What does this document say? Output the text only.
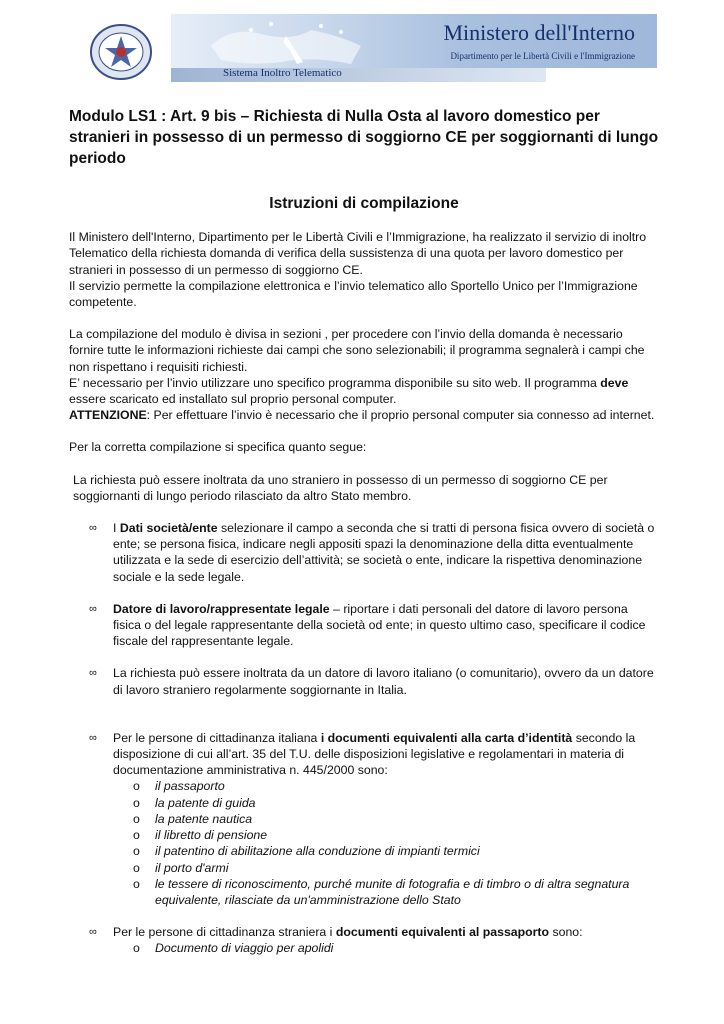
Ministero dell'Interno
Dipartimento per le Libertà Civili e l'Immigrazione
Sistema Inoltro Telematico
Modulo LS1 : Art. 9 bis – Richiesta di Nulla Osta al lavoro domestico per stranieri in possesso di un permesso di soggiorno CE per soggiornanti di lungo periodo
Istruzioni di compilazione

Il Ministero dell'Interno, Dipartimento per le Libertà Civili e l’Immigrazione, ha realizzato il servizio di inoltro Telematico della richiesta domanda di verifica della sussistenza di una quota per lavoro domestico per stranieri in possesso di un permesso di soggiorno CE.

Il servizio permette la compilazione elettronica e l’invio telematico allo Sportello Unico per l’Immigrazione competente.

La compilazione del modulo è divisa in sezioni , per procedere con l’invio della domanda è necessario fornire tutte le informazioni richieste dai campi che sono selezionabili; il programma segnalerà i campi che non rispettano i requisiti richiesti.

E’ necessario per l’invio utilizzare uno specifico programma disponibile su sito web. Il programma deve essere scaricato ed installato sul proprio personal computer.

ATTENZIONE: Per effettuare l’invio è necessario che il proprio personal computer sia connesso ad internet.

Per la corretta compilazione si specifica quanto segue:

La richiesta può essere inoltrata da uno straniero in possesso di un permesso di soggiorno CE per soggiornanti di lungo periodo rilasciato da altro Stato membro.

∞ I Dati società/ente selezionare il campo a seconda che si tratti di persona fisica ovvero di società o ente; se persona fisica, indicare negli appositi spazi la denominazione della ditta eventualmente utilizzata e la sede di esercizio dell’attività; se società o ente, indicare la rispettiva denominazione sociale e la sede legale.
∞ Datore di lavoro/rappresentate legale – riportare i dati personali del datore di lavoro persona fisica o del legale rappresentante della società od ente; in questo ultimo caso, specificare il codice fiscale del rappresentante legale.
∞ La richiesta può essere inoltrata da un datore di lavoro italiano (o comunitario), ovvero da un datore di lavoro straniero regolarmente soggiornante in Italia.
∞ Per le persone di cittadinanza italiana i documenti equivalenti alla carta d’identità secondo la disposizione di cui all’art. 35 del T.U. delle disposizioni legislative e regolamentari in materia di documentazione amministrativa n. 445/2000 sono:
o il passaporto
o la patente di guida
o la patente nautica
o il libretto di pensione
o il patentino di abilitazione alla conduzione di impianti termici
o il porto d'armi
o le tessere di riconoscimento, purché munite di fotografia e di timbro o di altra segnatura equivalente, rilasciate da un'amministrazione dello Stato
∞ Per le persone di cittadinanza straniera i documenti equivalenti al passaporto sono:
o Documento di viaggio per apolidi
